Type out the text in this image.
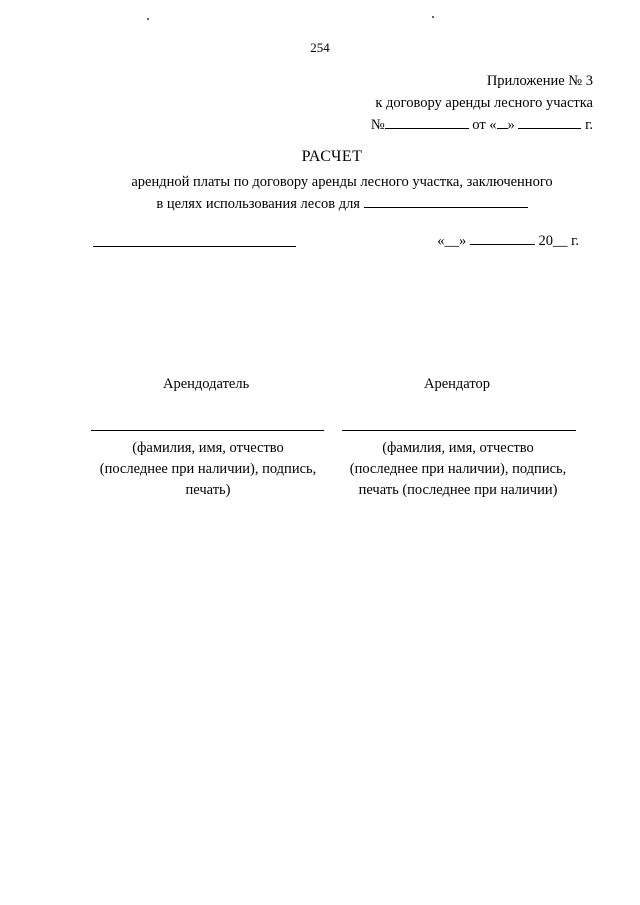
254
Приложение № 3
к договору аренды лесного участка
№	от « »	г.
РАСЧЕТ
арендной платы по договору аренды лесного участка, заключенного
в целях использования лесов для
«__»	20__ г.
Арендодатель	Арендатор
(фамилия, имя, отчество
(последнее при наличии), подпись,
печать)
(фамилия, имя, отчество
(последнее при наличии), подпись,
печать (последнее при наличии)
